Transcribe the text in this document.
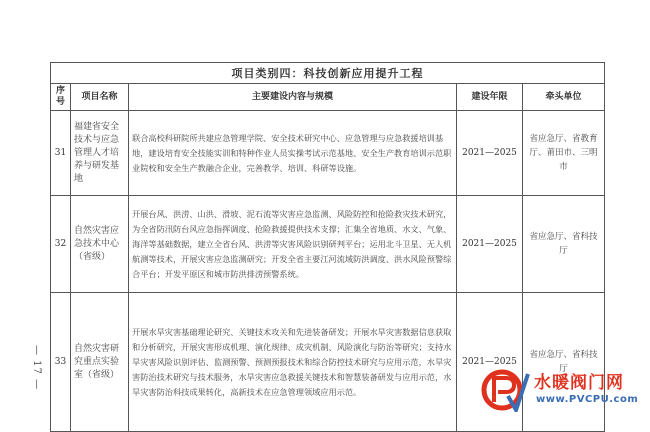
项目类别四：科技创新应用提升工程				
序号	项目名称	主要建设内容与规模	建设年限	牵头单位
31	福建省安全技术与应急管理人才培养与研发基地	联合高校科研院所共建应急管理学院、安全技术研究中心、应急管理与应急救援培训基地，建设培育安全技能实训和特种作业人员实操考试示范基地、安全生产教育培训示范职业院校和安全生产教融合企业，完善教学、培训、科研等设施。	2021—2025	省应急厅、省教育厅、莆田市、三明市
32	自然灾害应急技术中心（省级）	开展台风、洪涝、山洪、滑坡、泥石流等灾害应急监测、风险防控和抢险救灾技术研究，为全省防汛防台风应急指挥调度、抢险救援提供技术支撑；汇集全省地质、水文、气象、海洋等基础数据，建立全省台风、洪涝等灾害风险识别研判平台；运用北斗卫星、无人机航测等技术，开展灾害应急监测研究；开发全省主要江河流域防洪调度、洪水风险预警综合平台；开发平原区和城市防洪排涝预警系统。	2021—2025	省应急厅、省科技厅
33	自然灾害研究重点实验室（省级）	开展水旱灾害基础理论研究、关键技术攻关和先进装备研发；开展水旱灾害数据信息获取和分析研究，开展灾害形成机理、演化规律、成灾机制、风险演化与防治等研究；支持水旱灾害风险识别评估、监测预警、预测预报技术和综合防控技术研究与应用示范，水旱灾害防治技术研究与技术服务，水旱灾害应急救援关键技术和智慧装备研发与应用示范，水旱灾害防治科技成果转化，高新技术在应急管理领域应用示范。	2021—2025	省应急厅、省科技厅
— 17 —	水暖阀门网
www.PVCPU.com
